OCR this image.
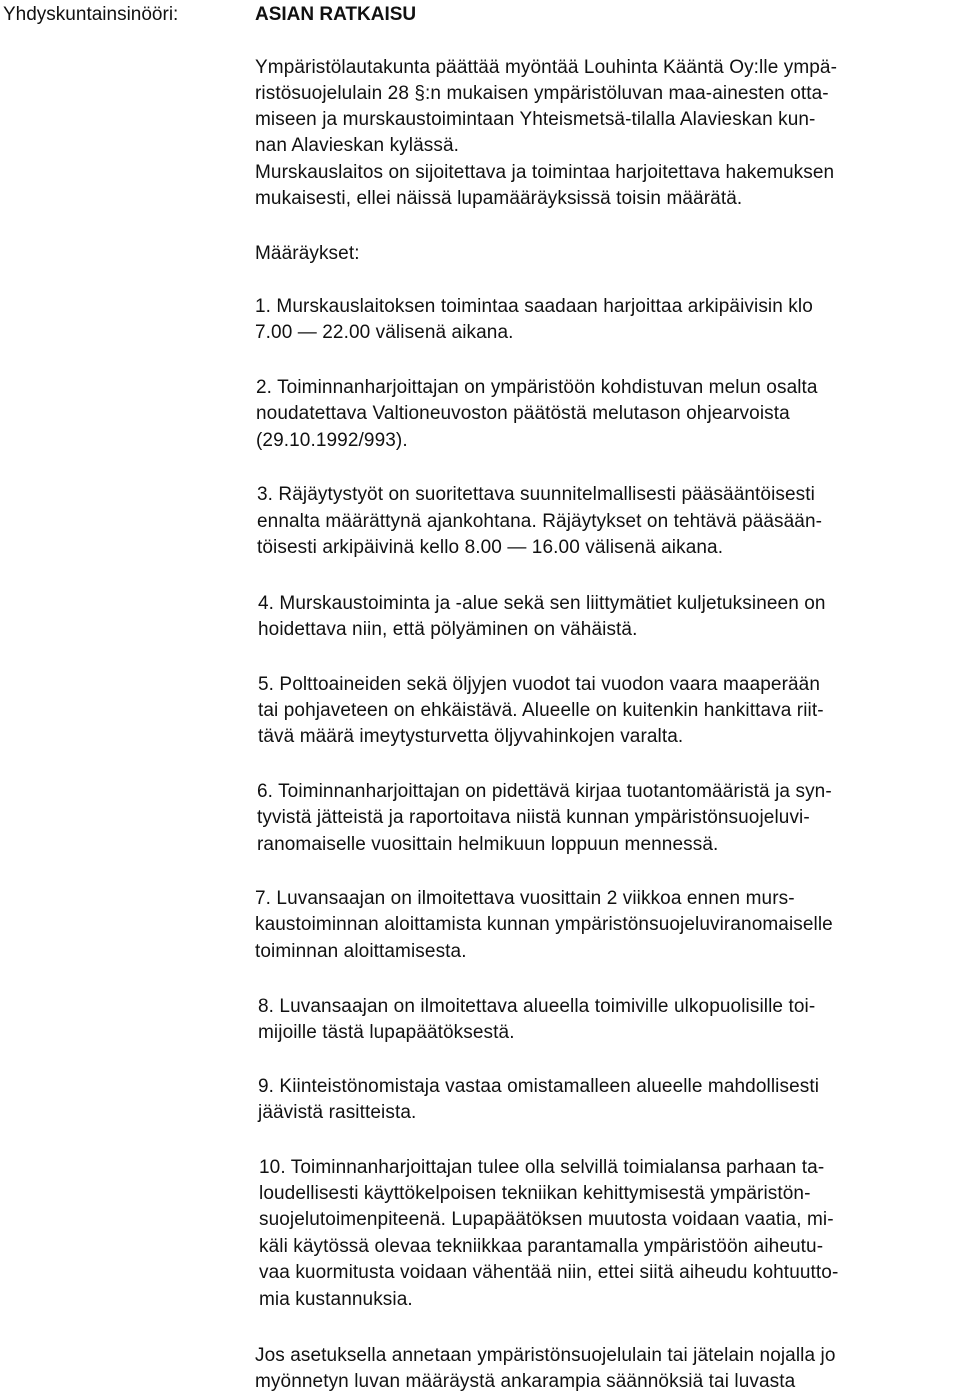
Yhdyskuntainsinööri:	ASIAN RATKAISU
Ympäristölautakunta päättää myöntää Louhinta Kääntä Oy:lle ympä-
ristösuojelulain 28 §:n mukaisen ympäristöluvan maa-ainesten otta-
miseen ja murskaustoimintaan Yhteismetsä-tilalla Alavieskan kun-
nan Alavieskan kylässä.
Murskauslaitos on sijoitettava ja toimintaa harjoitettava hakemuksen
mukaisesti, ellei näissä lupamääräyksissä toisin määrätä.
Määräykset:
1. Murskauslaitoksen toimintaa saadaan harjoittaa arkipäivisin klo
7.00 — 22.00 välisenä aikana.
2. Toiminnanharjoittajan on ympäristöön kohdistuvan melun osalta
noudatettava Valtioneuvoston päätöstä melutason ohjearvoista
(29.10.1992/993).
3. Räjäytystyöt on suoritettava suunnitelmallisesti pääsääntöisesti
ennalta määrättynä ajankohtana. Räjäytykset on tehtävä pääsään-
töisesti arkipäivinä kello 8.00 — 16.00 välisenä aikana.
4. Murskaustoiminta ja -alue sekä sen liittymätiet kuljetuksineen on
hoidettava niin, että pölyäminen on vähäistä.
5. Polttoaineiden sekä öljyjen vuodot tai vuodon vaara maaperään
tai pohjaveteen on ehkäistävä. Alueelle on kuitenkin hankittava riit-
tävä määrä imeytysturvetta öljyvahinkojen varalta.
6. Toiminnanharjoittajan on pidettävä kirjaa tuotantomääristä ja syn-
tyvistä jätteistä ja raportoitava niistä kunnan ympäristönsuojeluvi-
ranomaiselle vuosittain helmikuun loppuun mennessä.
7. Luvansaajan on ilmoitettava vuosittain 2 viikkoa ennen murs-
kaustoiminnan aloittamista kunnan ympäristönsuojeluviranomaiselle
toiminnan aloittamisesta.
8. Luvansaajan on ilmoitettava alueella toimiville ulkopuolisille toi-
mijoille tästä lupapäätöksestä.
9. Kiinteistönomistaja vastaa omistamalleen alueelle mahdollisesti
jäävistä rasitteista.
10. Toiminnanharjoittajan tulee olla selvillä toimialansa parhaan ta-
loudellisesti käyttökelpoisen tekniikan kehittymisestä ympäristön-
suojelutoimenpiteenä. Lupapäätöksen muutosta voidaan vaatia, mi-
käli käytössä olevaa tekniikkaa parantamalla ympäristöön aiheutu-
vaa kuormitusta voidaan vähentää niin, ettei siitä aiheudu kohtuutto-
mia kustannuksia.
Jos asetuksella annetaan ympäristönsuojelulain tai jätelain nojalla jo
myönnetyn luvan määräystä ankarampia säännöksiä tai luvasta
